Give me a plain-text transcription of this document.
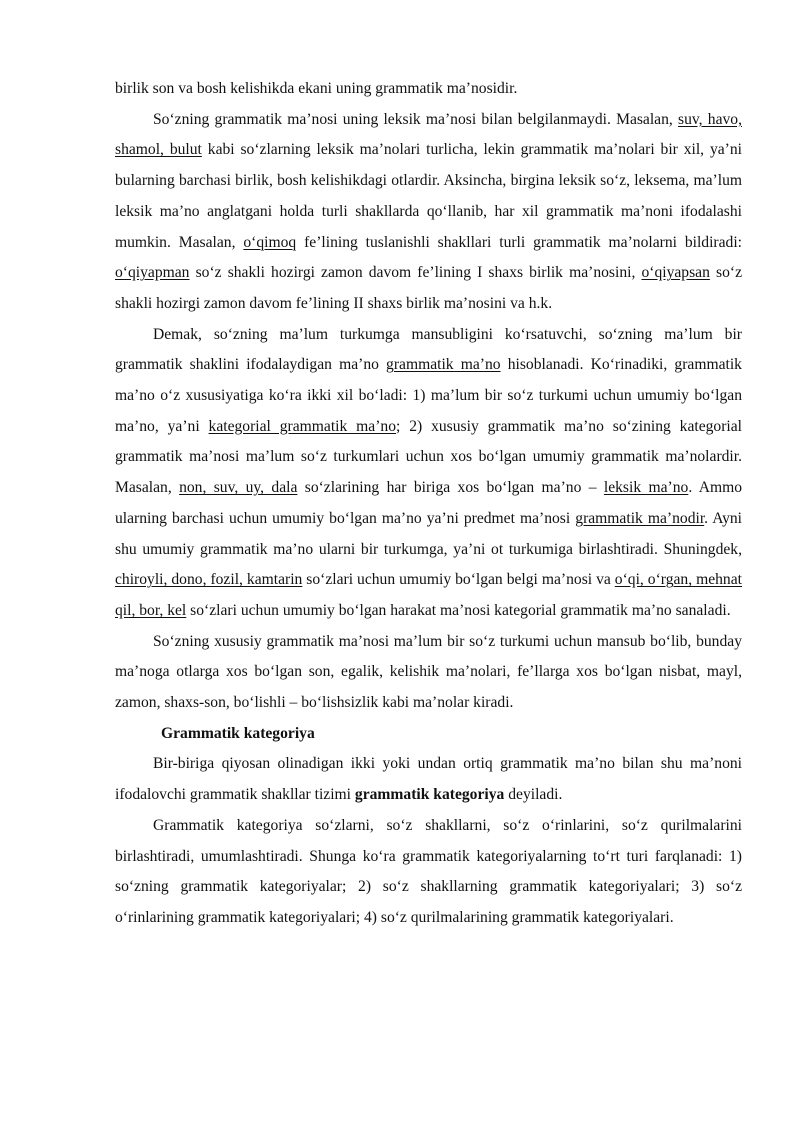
birlik son va bosh kelishikda ekani uning grammatik ma’nosidir.

So‘zning grammatik ma’nosi uning leksik ma’nosi bilan belgilanmaydi. Masalan, suv, havo, shamol, bulut kabi so‘zlarning leksik ma’nolari turlicha, lekin grammatik ma’nolari bir xil, ya’ni bularning barchasi birlik, bosh kelishikdagi otlardir. Aksincha, birgina leksik so‘z, leksema, ma’lum leksik ma’no anglatgani holda turli shakllarda qo‘llanib, har xil grammatik ma’noni ifodalashi mumkin. Masalan, o‘qimoq fe’lining tuslanishli shakllari turli grammatik ma’nolarni bildiradi: o‘qiyapman so‘z shakli hozirgi zamon davom fe’lining I shaxs birlik ma’nosini, o‘qiyapsan so‘z shakli hozirgi zamon davom fe’lining II shaxs birlik ma’nosini va h.k.

Demak, so‘zning ma’lum turkumga mansubligini ko‘rsatuvchi, so‘zning ma’lum bir grammatik shaklini ifodalaydigan ma’no grammatik ma’no hisoblanadi. Ko‘rinadiki, grammatik ma’no o‘z xususiyatiga ko‘ra ikki xil bo‘ladi: 1) ma’lum bir so‘z turkumi uchun umumiy bo‘lgan ma’no, ya’ni kategorial grammatik ma’no; 2) xususiy grammatik ma’no so‘zining kategorial grammatik ma’nosi ma’lum so‘z turkumlari uchun xos bo‘lgan umumiy grammatik ma’nolardir. Masalan, non, suv, uy, dala so‘zlarining har biriga xos bo‘lgan ma’no – leksik ma’no. Ammo ularning barchasi uchun umumiy bo‘lgan ma’no ya’ni predmet ma’nosi grammatik ma’nodir. Ayni shu umumiy grammatik ma’no ularni bir turkumga, ya’ni ot turkumiga birlashtiradi. Shuningdek, chiroyli, dono, fozil, kamtarin so‘zlari uchun umumiy bo‘lgan belgi ma’nosi va o‘qi, o‘rgan, mehnat qil, bor, kel so‘zlari uchun umumiy bo‘lgan harakat ma’nosi kategorial grammatik ma’no sanaladi.

So‘zning xususiy grammatik ma’nosi ma’lum bir so‘z turkumi uchun mansub bo‘lib, bunday ma’noga otlarga xos bo‘lgan son, egalik, kelishik ma’nolari, fe’llarga xos bo‘lgan nisbat, mayl, zamon, shaxs-son, bo‘lishli – bo‘lishsizlik kabi ma’nolar kiradi.

Grammatik kategoriya

Bir-biriga qiyosan olinadigan ikki yoki undan ortiq grammatik ma’no bilan shu ma’noni ifodalovchi grammatik shakllar tizimi grammatik kategoriya deyiladi.

Grammatik kategoriya so‘zlarni, so‘z shakllarni, so‘z o‘rinlarini, so‘z qurilmalarini birlashtiradi, umumlashtiradi. Shunga ko‘ra grammatik kategoriyalarning to‘rt turi farqlanadi: 1) so‘zning grammatik kategoriyalar; 2) so‘z shakllarning grammatik kategoriyalari; 3) so‘z o‘rinlarining grammatik kategoriyalari; 4) so‘z qurilmalarining grammatik kategoriyalari.
